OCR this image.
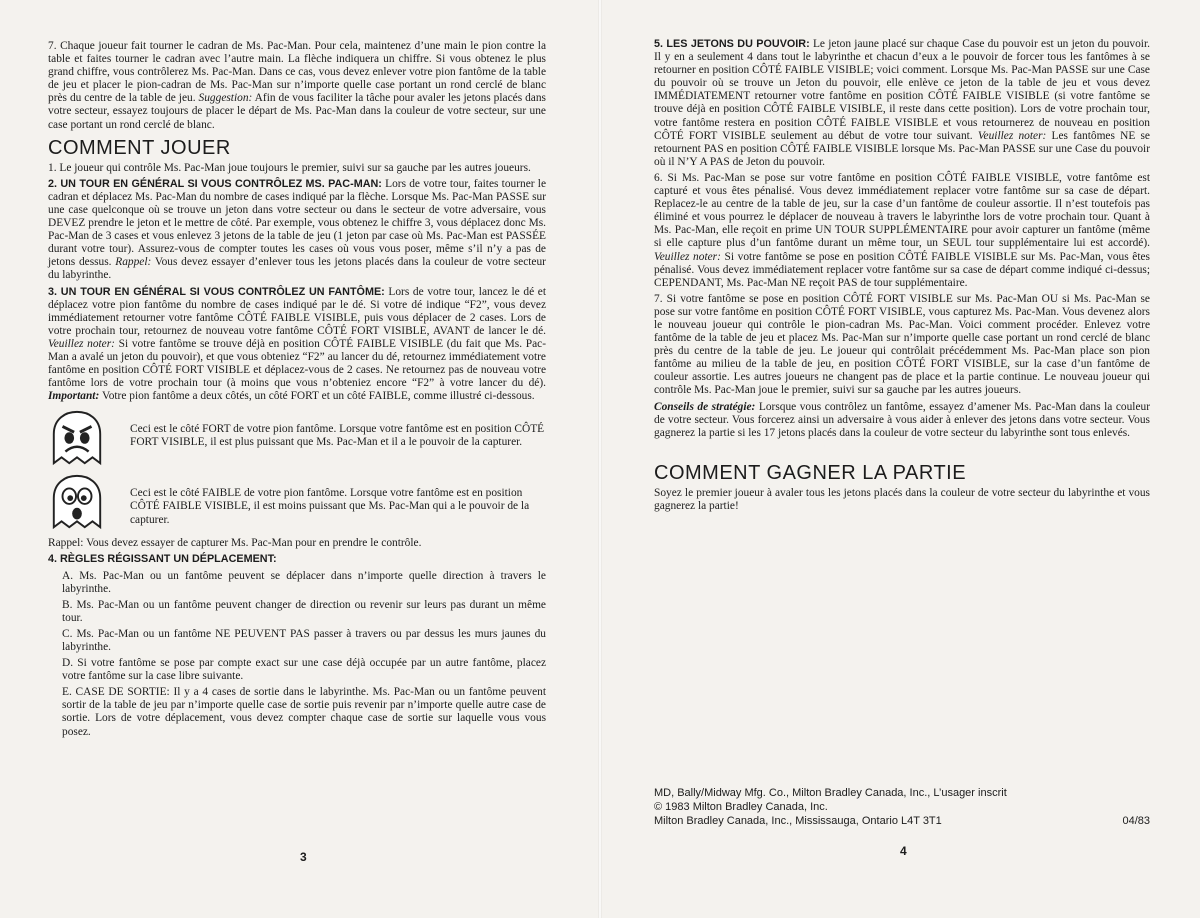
7. Chaque joueur fait tourner le cadran de Ms. Pac-Man. Pour cela, maintenez d’une main le pion contre la table et faites tourner le cadran avec l’autre main. La flèche indiquera un chiffre. Si vous obtenez le plus grand chiffre, vous contrôlerez Ms. Pac-Man. Dans ce cas, vous devez enlever votre pion fantôme de la table de jeu et placer le pion-cadran de Ms. Pac-Man sur n’importe quelle case portant un rond cerclé de blanc près du centre de la table de jeu. Suggestion: Afin de vous faciliter la tâche pour avaler les jetons placés dans votre secteur, essayez toujours de placer le départ de Ms. Pac-Man dans la couleur de votre secteur, sur une case portant un rond cerclé de blanc.

COMMENT JOUER

1. Le joueur qui contrôle Ms. Pac-Man joue toujours le premier, suivi sur sa gauche par les autres joueurs.

2. UN TOUR EN GÉNÉRAL SI VOUS CONTRÔLEZ MS. PAC-MAN: Lors de votre tour, faites tourner le cadran et déplacez Ms. Pac-Man du nombre de cases indiqué par la flèche. Lorsque Ms. Pac-Man PASSE sur une case quelconque où se trouve un jeton dans votre secteur ou dans le secteur de votre adversaire, vous DEVEZ prendre le jeton et le mettre de côté. Par exemple, vous obtenez le chiffre 3, vous déplacez donc Ms. Pac-Man de 3 cases et vous enlevez 3 jetons de la table de jeu (1 jeton par case où Ms. Pac-Man est PASSÉE durant votre tour). Assurez-vous de compter toutes les cases où vous vous poser, même s’il n’y a pas de jetons dessus. Rappel: Vous devez essayer d’enlever tous les jetons placés dans la couleur de votre secteur du labyrinthe.

3. UN TOUR EN GÉNÉRAL SI VOUS CONTRÔLEZ UN FANTÔME: Lors de votre tour, lancez le dé et déplacez votre pion fantôme du nombre de cases indiqué par le dé. Si votre dé indique “F2”, vous devez immédiatement retourner votre fantôme CÔTÉ FAIBLE VISIBLE, puis vous déplacer de 2 cases. Lors de votre prochain tour, retournez de nouveau votre fantôme CÔTÉ FORT VISIBLE, AVANT de lancer le dé. Veuillez noter: Si votre fantôme se trouve déjà en position CÔTÉ FAIBLE VISIBLE (du fait que Ms. Pac-Man a avalé un jeton du pouvoir), et que vous obteniez “F2” au lancer du dé, retournez immédiatement votre fantôme en position CÔTÉ FORT VISIBLE et déplacez-vous de 2 cases. Ne retournez pas de nouveau votre fantôme lors de votre prochain tour (à moins que vous n’obteniez encore “F2” à votre lancer du dé). Important: Votre pion fantôme a deux côtés, un côté FORT et un côté FAIBLE, comme illustré ci-dessous.

Ceci est le côté FORT de votre pion fantôme. Lorsque votre fantôme est en position CÔTÉ FORT VISIBLE, il est plus puissant que Ms. Pac-Man et il a le pouvoir de la capturer.
Ceci est le côté FAIBLE de votre pion fantôme. Lorsque votre fantôme est en position CÔTÉ FAIBLE VISIBLE, il est moins puissant que Ms. Pac-Man qui a le pouvoir de la capturer.

Rappel: Vous devez essayer de capturer Ms. Pac-Man pour en prendre le contrôle.

4. RÈGLES RÉGISSANT UN DÉPLACEMENT:

A. Ms. Pac-Man ou un fantôme peuvent se déplacer dans n’importe quelle direction à travers le labyrinthe.

B. Ms. Pac-Man ou un fantôme peuvent changer de direction ou revenir sur leurs pas durant un même tour.

C. Ms. Pac-Man ou un fantôme NE PEUVENT PAS passer à travers ou par dessus les murs jaunes du labyrinthe.

D. Si votre fantôme se pose par compte exact sur une case déjà occupée par un autre fantôme, placez votre fantôme sur la case libre suivante.

E. CASE DE SORTIE: Il y a 4 cases de sortie dans le labyrinthe. Ms. Pac-Man ou un fantôme peuvent sortir de la table de jeu par n’importe quelle case de sortie puis revenir par n’importe quelle autre case de sortie. Lors de votre déplacement, vous devez compter chaque case de sortie sur laquelle vous vous posez.

3

5. LES JETONS DU POUVOIR: Le jeton jaune placé sur chaque Case du pouvoir est un jeton du pouvoir. Il y en a seulement 4 dans tout le labyrinthe et chacun d’eux a le pouvoir de forcer tous les fantômes à se retourner en position CÔTÉ FAIBLE VISIBLE; voici comment. Lorsque Ms. Pac-Man PASSE sur une Case du pouvoir où se trouve un Jeton du pouvoir, elle enlève ce jeton de la table de jeu et vous devez IMMÉDIATEMENT retourner votre fantôme en position CÔTÉ FAIBLE VISIBLE (si votre fantôme se trouve déjà en position CÔTÉ FAIBLE VISIBLE, il reste dans cette position). Lors de votre prochain tour, votre fantôme restera en position CÔTÉ FAIBLE VISIBLE et vous retournerez de nouveau en position CÔTÉ FORT VISIBLE seulement au début de votre tour suivant. Veuillez noter: Les fantômes NE se retournent PAS en position CÔTÉ FAIBLE VISIBLE lorsque Ms. Pac-Man PASSE sur une Case du pouvoir où il N’Y A PAS de Jeton du pouvoir.

6. Si Ms. Pac-Man se pose sur votre fantôme en position CÔTÉ FAIBLE VISIBLE, votre fantôme est capturé et vous êtes pénalisé. Vous devez immédiatement replacer votre fantôme sur sa case de départ. Replacez-le au centre de la table de jeu, sur la case d’un fantôme de couleur assortie. Il n’est toutefois pas éliminé et vous pourrez le déplacer de nouveau à travers le labyrinthe lors de votre prochain tour. Quant à Ms. Pac-Man, elle reçoit en prime UN TOUR SUPPLÉMENTAIRE pour avoir capturer un fantôme (même si elle capture plus d’un fantôme durant un même tour, un SEUL tour supplémentaire lui est accordé). Veuillez noter: Si votre fantôme se pose en position CÔTÉ FAIBLE VISIBLE sur Ms. Pac-Man, vous êtes pénalisé. Vous devez immédiatement replacer votre fantôme sur sa case de départ comme indiqué ci-dessus; CEPENDANT, Ms. Pac-Man NE reçoit PAS de tour supplémentaire.

7. Si votre fantôme se pose en position CÔTÉ FORT VISIBLE sur Ms. Pac-Man OU si Ms. Pac-Man se pose sur votre fantôme en position CÔTÉ FORT VISIBLE, vous capturez Ms. Pac-Man. Vous devenez alors le nouveau joueur qui contrôle le pion-cadran Ms. Pac-Man. Voici comment procéder. Enlevez votre fantôme de la table de jeu et placez Ms. Pac-Man sur n’importe quelle case portant un rond cerclé de blanc près du centre de la table de jeu. Le joueur qui contrôlait précédemment Ms. Pac-Man place son pion fantôme au milieu de la table de jeu, en position CÔTÉ FORT VISIBLE, sur la case d’un fantôme de couleur assortie. Les autres joueurs ne changent pas de place et la partie continue. Le nouveau joueur qui contrôle Ms. Pac-Man joue le premier, suivi sur sa gauche par les autres joueurs.

Conseils de stratégie: Lorsque vous contrôlez un fantôme, essayez d’amener Ms. Pac-Man dans la couleur de votre secteur. Vous forcerez ainsi un adversaire à vous aider à enlever des jetons dans votre secteur. Vous gagnerez la partie si les 17 jetons placés dans la couleur de votre secteur du labyrinthe sont tous enlevés.

COMMENT GAGNER LA PARTIE

Soyez le premier joueur à avaler tous les jetons placés dans la couleur de votre secteur du labyrinthe et vous gagnerez la partie!

MD, Bally/Midway Mfg. Co., Milton Bradley Canada, Inc., L’usager inscrit
© 1983 Milton Bradley Canada, Inc.
Milton Bradley Canada, Inc., Mississauga, Ontario L4T 3T1	04/83
4
